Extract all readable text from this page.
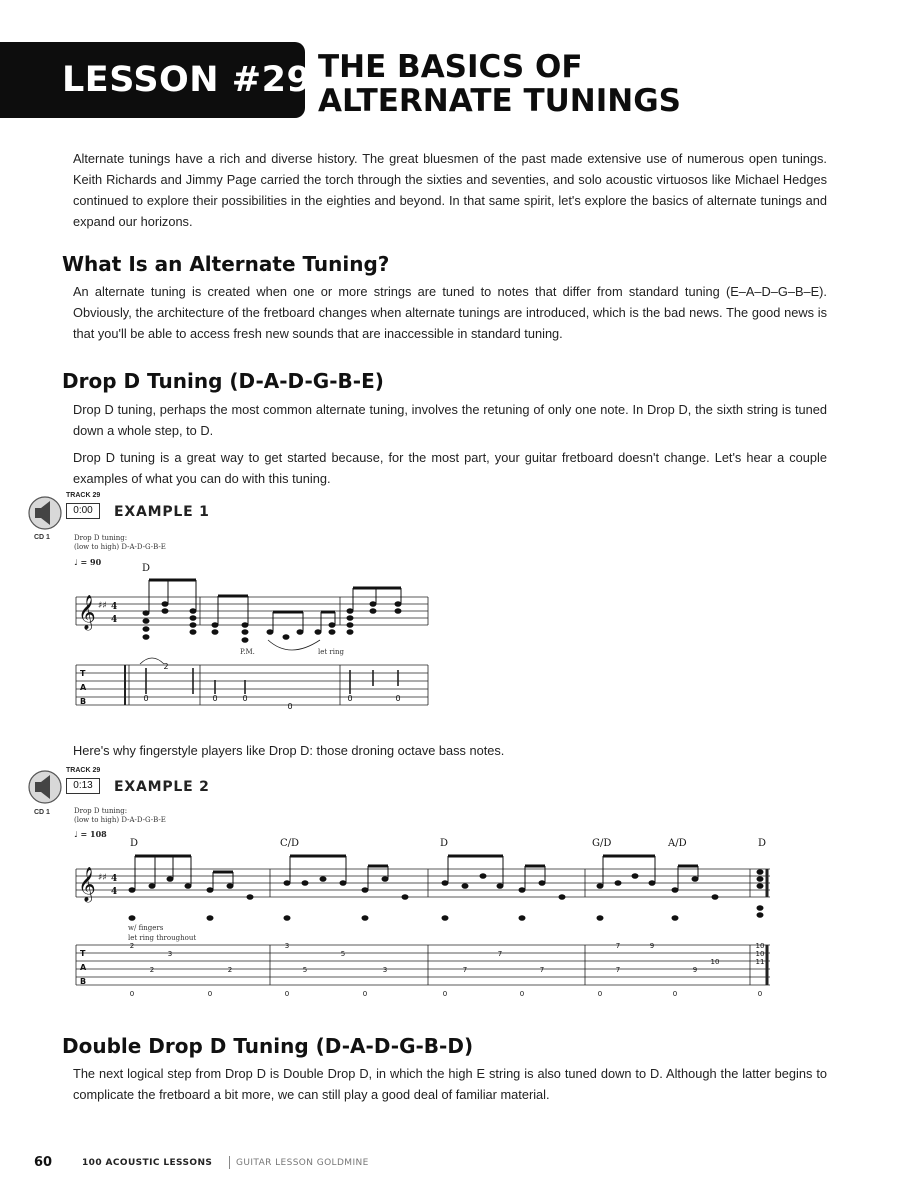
LESSON #29:
THE BASICS OF
ALTERNATE TUNINGS

Alternate tunings have a rich and diverse history. The great bluesmen of the past made extensive use of numerous open tunings. Keith Richards and Jimmy Page carried the torch through the sixties and seventies, and solo acoustic virtuosos like Michael Hedges continued to explore their possibilities in the eighties and beyond. In that same spirit, let's explore the basics of alternate tunings and expand our horizons.

What Is an Alternate Tuning?

An alternate tuning is created when one or more strings are tuned to notes that differ from standard tuning (E–A–D–G–B–E). Obviously, the architecture of the fretboard changes when alternate tunings are introduced, which is the bad news. The good news is that you'll be able to access fresh new sounds that are inaccessible in standard tuning.

Drop D Tuning (D-A-D-G-B-E)

Drop D tuning, perhaps the most common alternate tuning, involves the retuning of only one note. In Drop D, the sixth string is tuned down a whole step, to D.

Drop D tuning is a great way to get started because, for the most part, your guitar fretboard doesn't change. Let's hear a couple examples of what you can do with this tuning.

TRACK 29
0:00	EXAMPLE 1
CD 1	Drop D tuning:
(low to high) D-A-D-G-B-E
♩ = 90
D
P.M.	let ring
𝄞 ♯♯ 4
4
T
A
B
2
0	0	0
0
0	0

Here's why fingerstyle players like Drop D: those droning octave bass notes.

TRACK 29
0:13	EXAMPLE 2
CD 1	Drop D tuning:
(low to high) D-A-D-G-B-E
♩ = 108
D	C/D	D	G/D	A/D	D
w/ fingers
let ring throughout
𝄞 ♯♯ 4
4
T
A
B
2
3
2	2
0	0
3
5
5	3
0	0
7
7	7
0	0
7	9
7	9
10
0	0
10
10
11
0
Double Drop D Tuning (D-A-D-G-B-D)

The next logical step from Drop D is Double Drop D, in which the high E string is also tuned down to D. Although the latter begins to complicate the fretboard a bit more, we can still play a good deal of familiar material.

60	100 ACOUSTIC LESSONS	GUITAR LESSON GOLDMINE
